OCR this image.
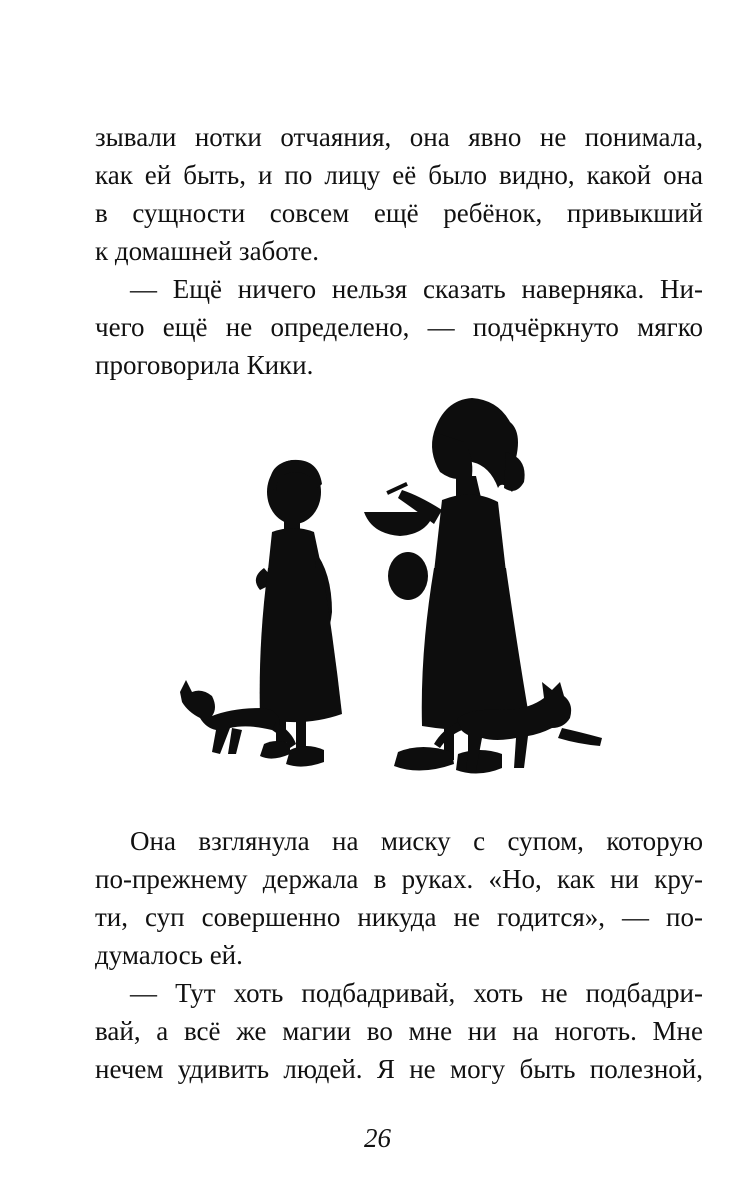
зывали нотки отчаяния, она явно не понимала,
как ей быть, и по лицу её было видно, какой она
в сущности совсем ещё ребёнок, привыкший
к домашней заботе.
— Ещё ничего нельзя сказать наверняка. Ни-
чего ещё не определено, — подчёркнуто мягко
проговорила Кики.
Она взглянула на миску с супом, которую
по-прежнему держала в руках. «Но, как ни кру-
ти, суп совершенно никуда не годится», — по-
думалось ей.
— Тут хоть подбадривай, хоть не подбадри-
вай, а всё же магии во мне ни на ноготь. Мне
нечем удивить людей. Я не могу быть полезной,
26
